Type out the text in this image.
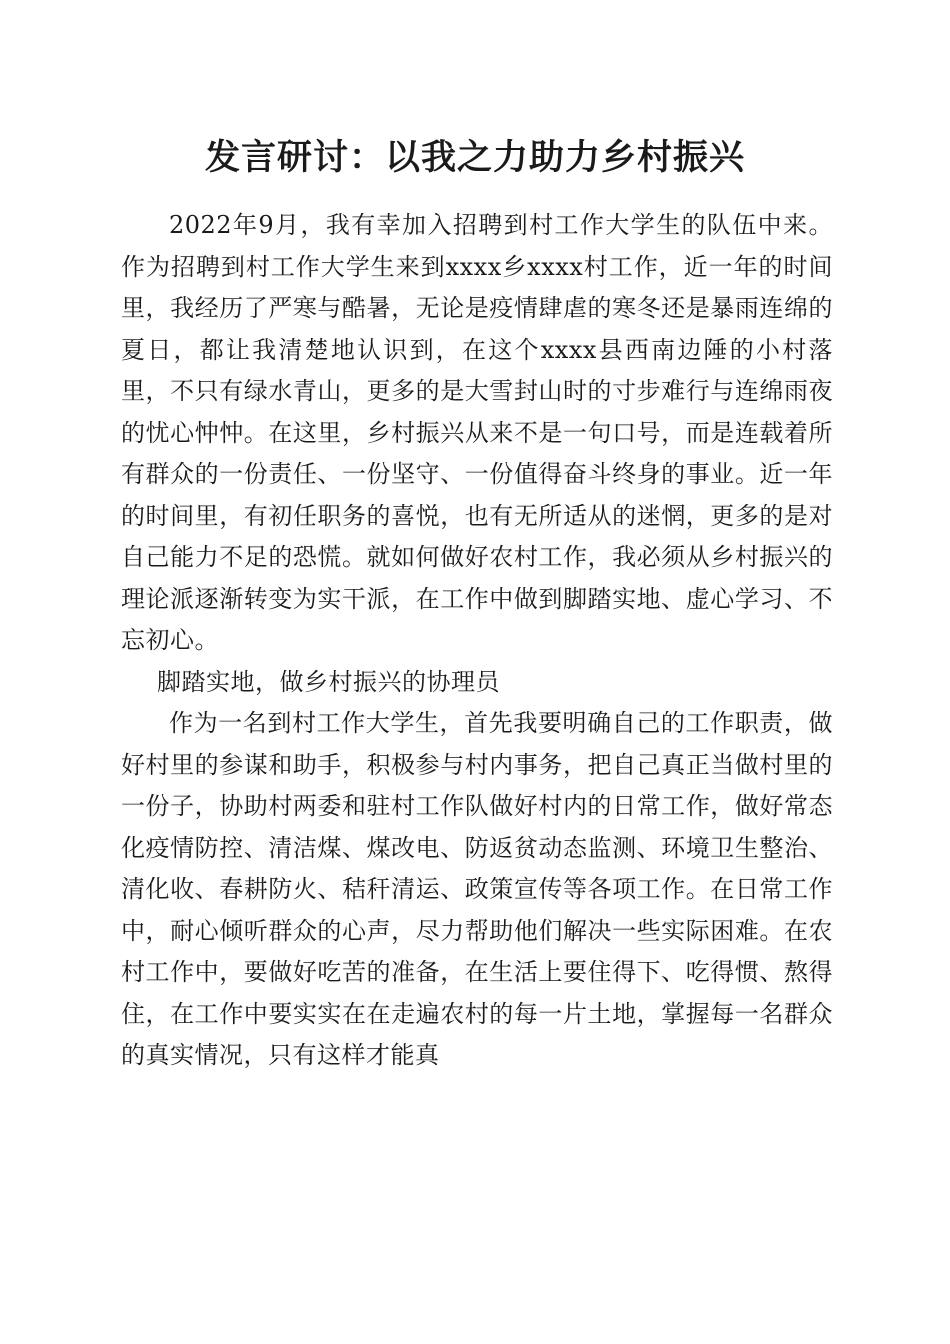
发言研讨：以我之力助力乡村振兴

2022年9月，我有幸加入招聘到村工作大学生的队伍中来。作为招聘到村工作大学生来到xxxx乡xxxx村工作，近一年的时间里，我经历了严寒与酷暑，无论是疫情肆虐的寒冬还是暴雨连绵的夏日，都让我清楚地认识到，在这个xxxx县西南边陲的小村落里，不只有绿水青山，更多的是大雪封山时的寸步难行与连绵雨夜的忧心忡忡。在这里，乡村振兴从来不是一句口号，而是连载着所有群众的一份责任、一份坚守、一份值得奋斗终身的事业。近一年的时间里，有初任职务的喜悦，也有无所适从的迷惘，更多的是对自己能力不足的恐慌。就如何做好农村工作，我必须从乡村振兴的理论派逐渐转变为实干派，在工作中做到脚踏实地、虚心学习、不忘初心。

脚踏实地，做乡村振兴的协理员

作为一名到村工作大学生，首先我要明确自己的工作职责，做好村里的参谋和助手，积极参与村内事务，把自己真正当做村里的一份子，协助村两委和驻村工作队做好村内的日常工作，做好常态化疫情防控、清洁煤、煤改电、防返贫动态监测、环境卫生整治、清化收、春耕防火、秸秆清运、政策宣传等各项工作。在日常工作中，耐心倾听群众的心声，尽力帮助他们解决一些实际困难。在农村工作中，要做好吃苦的准备，在生活上要住得下、吃得惯、熬得住，在工作中要实实在在走遍农村的每一片土地，掌握每一名群众的真实情况，只有这样才能真
